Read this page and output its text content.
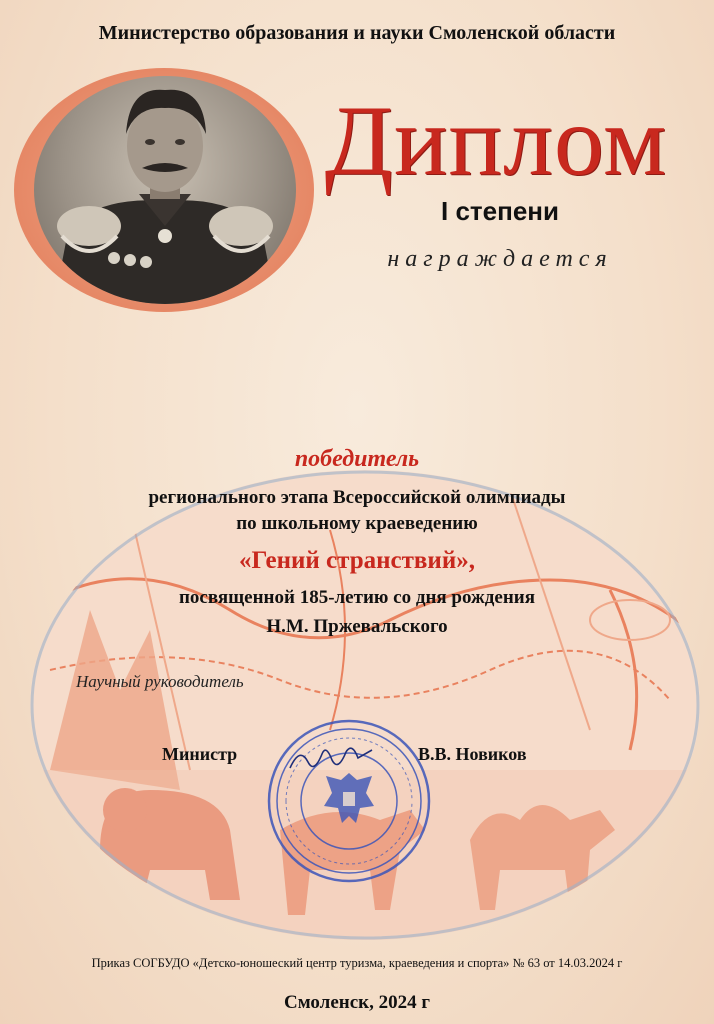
Министерство образования и науки Смоленской области
Диплом
I степени
награждается
победитель
регионального этапа Всероссийской олимпиады
по школьному краеведению
«Гений странствий»,
посвященной 185-летию со дня рождения
Н.М. Пржевальского
Научный руководитель
Министр	В.В. Новиков
Приказ СОГБУДО «Детско-юношеский центр туризма, краеведения и спорта» № 63 от 14.03.2024 г
Смоленск, 2024 г
